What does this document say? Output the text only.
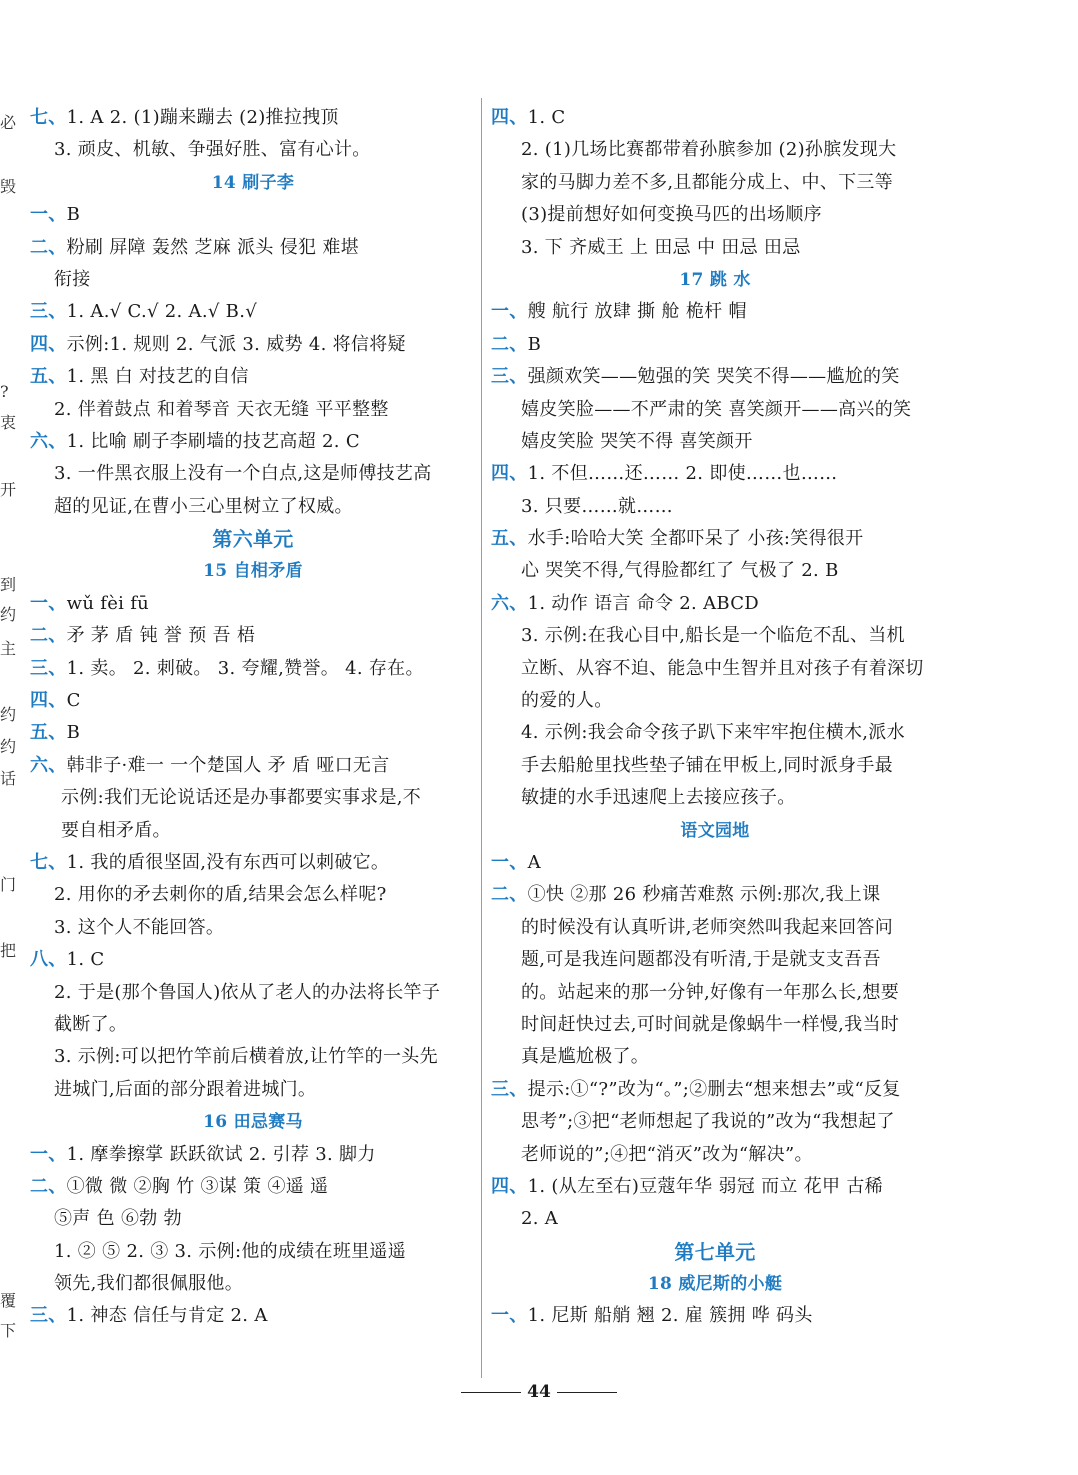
必
毁
?
衷
开
到
约
主
约
约
话
门
把
覆
下
七、1. A 2. (1)蹦来蹦去 (2)推拉拽顶
3. 顽皮、机敏、争强好胜、富有心计。
14 刷子李
一、B
二、粉刷 屏障 轰然 芝麻 派头 侵犯 难堪
衔接
三、1. A.√ C.√ 2. A.√ B.√
四、示例:1. 规则 2. 气派 3. 威势 4. 将信将疑
五、1. 黑 白 对技艺的自信
2. 伴着鼓点 和着琴音 天衣无缝 平平整整
六、1. 比喻 刷子李刷墙的技艺高超 2. C
3. 一件黑衣服上没有一个白点,这是师傅技艺高
超的见证,在曹小三心里树立了权威。
第六单元
15 自相矛盾
一、wǔ fèi fū
二、矛 茅 盾 钝 誉 预 吾 梧
三、1. 卖。 2. 刺破。 3. 夸耀,赞誉。 4. 存在。
四、C
五、B
六、韩非子·难一 一个楚国人 矛 盾 哑口无言
示例:我们无论说话还是办事都要实事求是,不
要自相矛盾。
七、1. 我的盾很坚固,没有东西可以刺破它。
2. 用你的矛去刺你的盾,结果会怎么样呢?
3. 这个人不能回答。
八、1. C
2. 于是(那个鲁国人)依从了老人的办法将长竿子
截断了。
3. 示例:可以把竹竿前后横着放,让竹竿的一头先
进城门,后面的部分跟着进城门。
16 田忌赛马
一、1. 摩拳擦掌 跃跃欲试 2. 引荐 3. 脚力
二、①微 微 ②胸 竹 ③谋 策 ④遥 遥
⑤声 色 ⑥勃 勃
1. ② ⑤ 2. ③ 3. 示例:他的成绩在班里遥遥
领先,我们都很佩服他。
三、1. 神态 信任与肯定 2. A
四、1. C
2. (1)几场比赛都带着孙膑参加 (2)孙膑发现大
家的马脚力差不多,且都能分成上、中、下三等
(3)提前想好如何变换马匹的出场顺序
3. 下 齐威王 上 田忌 中 田忌 田忌
17 跳 水
一、艘 航行 放肆 撕 舱 桅杆 帽
二、B
三、强颜欢笑——勉强的笑 哭笑不得——尴尬的笑
嬉皮笑脸——不严肃的笑 喜笑颜开——高兴的笑
嬉皮笑脸 哭笑不得 喜笑颜开
四、1. 不但……还…… 2. 即使……也……
3. 只要……就……
五、水手:哈哈大笑 全都吓呆了 小孩:笑得很开
心 哭笑不得,气得脸都红了 气极了 2. B
六、1. 动作 语言 命令 2. ABCD
3. 示例:在我心目中,船长是一个临危不乱、当机
立断、从容不迫、能急中生智并且对孩子有着深切
的爱的人。
4. 示例:我会命令孩子趴下来牢牢抱住横木,派水
手去船舱里找些垫子铺在甲板上,同时派身手最
敏捷的水手迅速爬上去接应孩子。
语文园地
一、A
二、①快 ②那 26 秒痛苦难熬 示例:那次,我上课
的时候没有认真听讲,老师突然叫我起来回答问
题,可是我连问题都没有听清,于是就支支吾吾
的。站起来的那一分钟,好像有一年那么长,想要
时间赶快过去,可时间就是像蜗牛一样慢,我当时
真是尴尬极了。
三、提示:①“?”改为“。”;②删去“想来想去”或“反复
思考”;③把“老师想起了我说的”改为“我想起了
老师说的”;④把“消灭”改为“解决”。
四、1. (从左至右)豆蔻年华 弱冠 而立 花甲 古稀
2. A
第七单元
18 威尼斯的小艇
一、1. 尼斯 船艄 翘 2. 雇 簇拥 哗 码头
44
